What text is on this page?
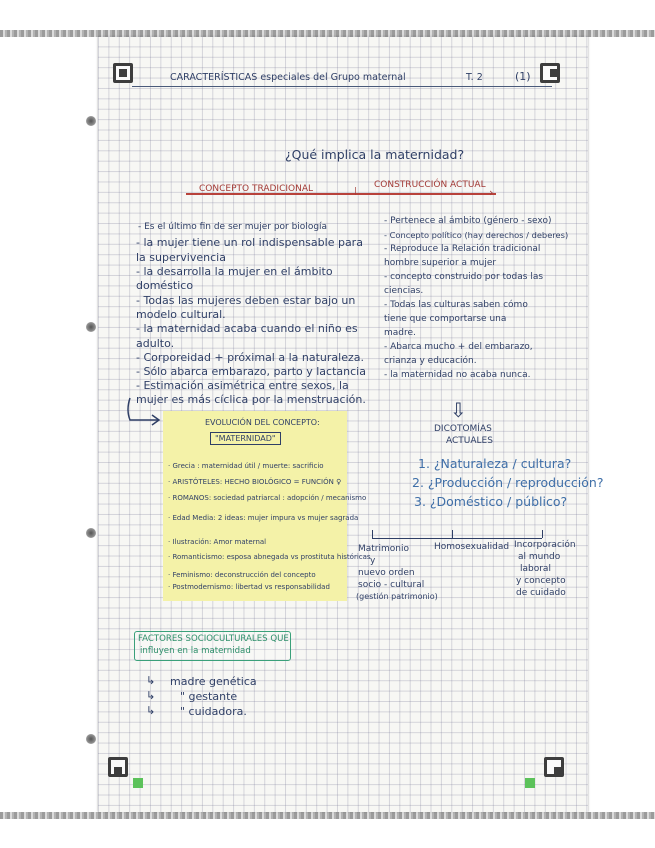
CARACTERÍSTICAS especiales del Grupo maternal	T. 2	(1)
¿Qué implica la maternidad?
›
CONCEPTO TRADICIONAL	CONSTRUCCIÓN ACTUAL
|
- Es el último fin de ser mujer por biología
- la mujer tiene un rol indispensable para
la supervivencia
- la desarrolla la mujer en el ámbito
doméstico
- Todas las mujeres deben estar bajo un
modelo cultural.
- la maternidad acaba cuando el niño es
adulto.
- Corporeidad + próximal a la naturaleza.
- Sólo abarca embarazo, parto y lactancia
- Estimación asimétrica entre sexos, la
mujer es más cíclica por la menstruación.
- Pertenece al ámbito (género - sexo)
- Concepto político (hay derechos / deberes)
- Reproduce la Relación tradicional
hombre superior a mujer
- concepto construido por todas las
ciencias.
- Todas las culturas saben cómo
tiene que comportarse una
madre.
- Abarca mucho + del embarazo,
crianza y educación.
- la maternidad no acaba nunca.
EVOLUCIÓN DEL CONCEPTO:
"MATERNIDAD"
· Grecia : maternidad útil / muerte: sacrificio
· ARISTÓTELES: HECHO BIOLÓGICO = FUNCIÓN ♀
· ROMANOS: sociedad patriarcal : adopción / mecanismo
· Edad Media: 2 ideas: mujer impura vs mujer sagrada
· Ilustración: Amor maternal
· Romanticismo: esposa abnegada vs prostituta históricas
· Feminismo: deconstrucción del concepto
· Postmodernismo: libertad vs responsabilidad
⇩
DICOTOMÍAS
ACTUALES
1. ¿Naturaleza / cultura?
2. ¿Producción / reproducción?
3. ¿Doméstico / público?
Matrimonio
y
nuevo orden
socio - cultural
(gestión patrimonio)
Homosexualidad Incorporación
al mundo
laboral
y concepto
de cuidado
FACTORES SOCIOCULTURALES QUE
influyen en la maternidad
↳
↳
↳
madre genética
" gestante
" cuidadora.
